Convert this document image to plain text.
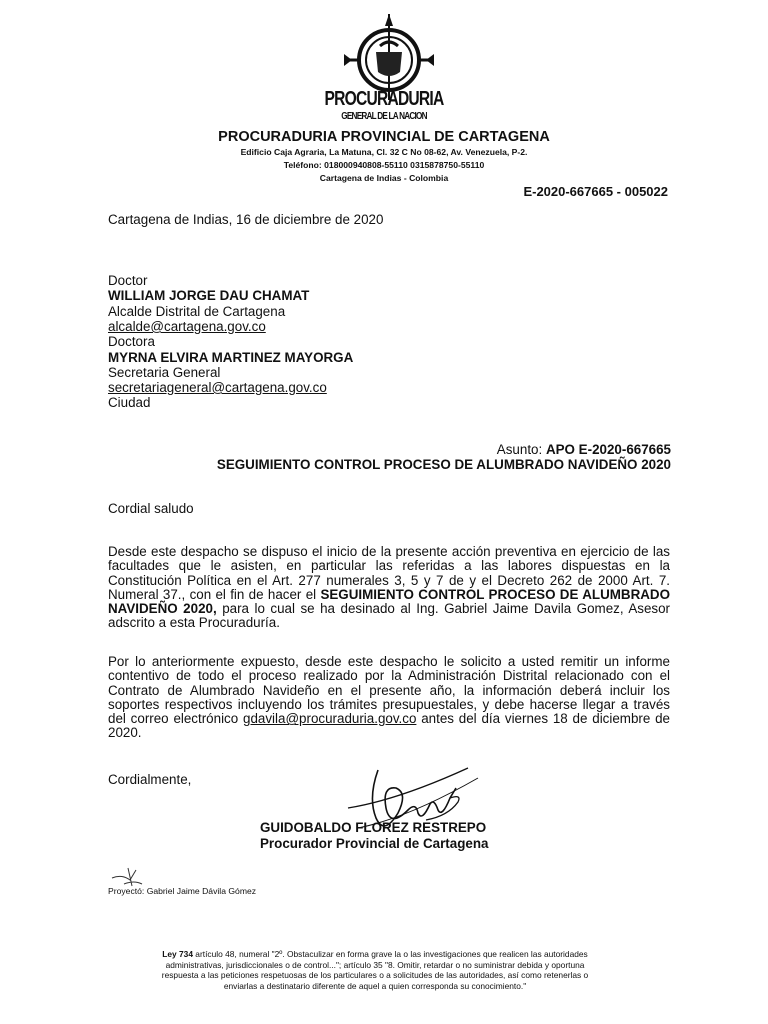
PROCURADURIA
GENERAL DE LA NACION
PROCURADURIA PROVINCIAL DE CARTAGENA
Edificio Caja Agraria, La Matuna, Cl. 32 C No 08-62, Av. Venezuela, P-2.
Teléfono: 018000940808-55110 0315878750-55110
Cartagena de Indias - Colombia
E-2020-667665 - 005022
Cartagena de Indias, 16 de diciembre de 2020
Doctor
WILLIAM JORGE DAU CHAMAT
Alcalde Distrital de Cartagena
alcalde@cartagena.gov.co
Doctora
MYRNA ELVIRA MARTINEZ MAYORGA
Secretaria General
secretariageneral@cartagena.gov.co
Ciudad
Asunto: APO E-2020-667665
SEGUIMIENTO CONTROL PROCESO DE ALUMBRADO NAVIDEÑO 2020
Cordial saludo
Desde este despacho se dispuso el inicio de la presente acción preventiva en ejercicio de las facultades que le asisten, en particular las referidas a las labores dispuestas en la Constitución Política en el Art. 277 numerales 3, 5 y 7 de y el Decreto 262 de 2000 Art. 7. Numeral 37., con el fin de hacer el SEGUIMIENTO CONTROL PROCESO DE ALUMBRADO NAVIDEÑO 2020, para lo cual se ha desinado al Ing. Gabriel Jaime Davila Gomez, Asesor adscrito a esta Procuraduría.
Por lo anteriormente expuesto, desde este despacho le solicito a usted remitir un informe contentivo de todo el proceso realizado por la Administración Distrital relacionado con el Contrato de Alumbrado Navideño en el presente año, la información deberá incluir los soportes respectivos incluyendo los trámites presupuestales, y debe hacerse llegar a través del correo electrónico gdavila@procuraduria.gov.co antes del día viernes 18 de diciembre de 2020.
Cordialmente,
GUIDOBALDO FLOREZ RESTREPO
Procurador Provincial de Cartagena
Proyectó: Gabriel Jaime Dávila Gómez
Ley 734 artículo 48, numeral "2º. Obstaculizar en forma grave la o las investigaciones que realicen las autoridades administrativas, jurisdiccionales o de control..."; artículo 35 "8. Omitir, retardar o no suministrar debida y oportuna respuesta a las peticiones respetuosas de los particulares o a solicitudes de las autoridades, así como retenerlas o enviarlas a destinatario diferente de aquel a quien corresponda su conocimiento."
